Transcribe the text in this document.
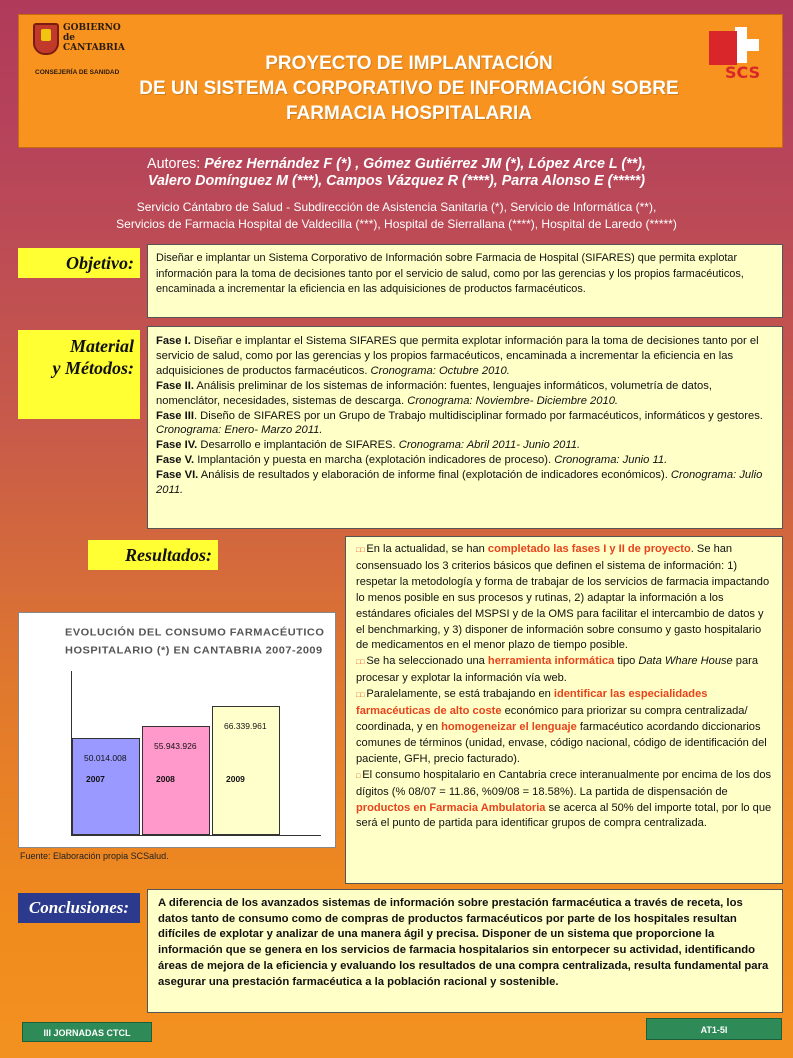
GOBIERNO
de
CANTABRIA
CONSEJERÍA DE SANIDAD	SCS
PROYECTO DE IMPLANTACIÓN
DE UN SISTEMA CORPORATIVO DE INFORMACIÓN SOBRE
FARMACIA HOSPITALARIA
Autores: Pérez Hernández F (*) , Gómez Gutiérrez JM (*), López Arce L (**),
Valero Domínguez M (***), Campos Vázquez R (****), Parra Alonso E (*****)
Servicio Cántabro de Salud - Subdirección de Asistencia Sanitaria (*), Servicio de Informática (**),
Servicios de Farmacia Hospital de Valdecilla (***), Hospital de Sierrallana (****), Hospital de Laredo (*****)
Objetivo:	Diseñar e implantar un Sistema Corporativo de Información sobre Farmacia de Hospital (SIFARES) que permita explotar información para la toma de decisiones tanto por el servicio de salud, como por las gerencias y los propios farmacéuticos, encaminada a incrementar la eficiencia en las adquisiciones de productos farmacéuticos.
Material
y Métodos:
Fase I. Diseñar e implantar el Sistema SIFARES que permita explotar información para la toma de decisiones tanto por el servicio de salud, como por las gerencias y los propios farmacéuticos, encaminada a incrementar la eficiencia en las adquisiciones de productos farmacéuticos. Cronograma: Octubre 2010.
Fase II. Análisis preliminar de los sistemas de información: fuentes, lenguajes informáticos, volumetría de datos, nomenclátor, necesidades, sistemas de descarga. Cronograma: Noviembre- Diciembre 2010.
Fase III. Diseño de SIFARES por un Grupo de Trabajo multidisciplinar formado por farmacéuticos, informáticos y gestores. Cronograma: Enero- Marzo 2011.
Fase IV. Desarrollo e implantación de SIFARES. Cronograma: Abril 2011- Junio 2011.
Fase V. Implantación y puesta en marcha (explotación indicadores de proceso). Cronograma: Junio 11.
Fase VI. Análisis de resultados y elaboración de informe final (explotación de indicadores económicos). Cronograma: Julio 2011.
Resultados:
EVOLUCIÓN DEL CONSUMO FARMACÉUTICO
HOSPITALARIO (*) EN CANTABRIA 2007-2009
50.014.008
2007
55.943.926
2008
66.339.961
2009
Fuente: Elaboración propia SCSalud.
□□ En la actualidad, se han completado las fases I y II de proyecto. Se han consensuado los 3 criterios básicos que definen el sistema de información: 1) respetar la metodología y forma de trabajar de los servicios de farmacia impactando lo menos posible en sus procesos y rutinas, 2) adaptar la información a los estándares oficiales del MSPSI y de la OMS para facilitar el intercambio de datos y el benchmarking, y 3) disponer de información sobre consumo y gasto hospitalario de medicamentos en el menor plazo de tiempo posible.
□□ Se ha seleccionado una herramienta informática tipo Data Whare House para procesar y explotar la información vía web.
□□ Paralelamente, se está trabajando en identificar las especialidades farmacéuticas de alto coste económico para priorizar su compra centralizada/ coordinada, y en homogeneizar el lenguaje farmacéutico acordando diccionarios comunes de términos (unidad, envase, código nacional, código de identificación del paciente, GFH, precio facturado).
□ El consumo hospitalario en Cantabria crece interanualmente por encima de los dos dígitos (% 08/07 = 11.86, %09/08 = 18.58%). La partida de dispensación de productos en Farmacia Ambulatoria se acerca al 50% del importe total, por lo que será el punto de partida para identificar grupos de compra centralizada.
Conclusiones:	A diferencia de los avanzados sistemas de información sobre prestación farmacéutica a través de receta, los datos tanto de consumo como de compras de productos farmacéuticos por parte de los hospitales resultan difíciles de explotar y analizar de una manera ágil y precisa. Disponer de un sistema que proporcione la información que se genera en los servicios de farmacia hospitalarios sin entorpecer su actividad, identificando áreas de mejora de la eficiencia y evaluando los resultados de una compra centralizada, resulta fundamental para asegurar una prestación farmacéutica a la población racional y sostenible.
III JORNADAS CTCL	AT1-5I
